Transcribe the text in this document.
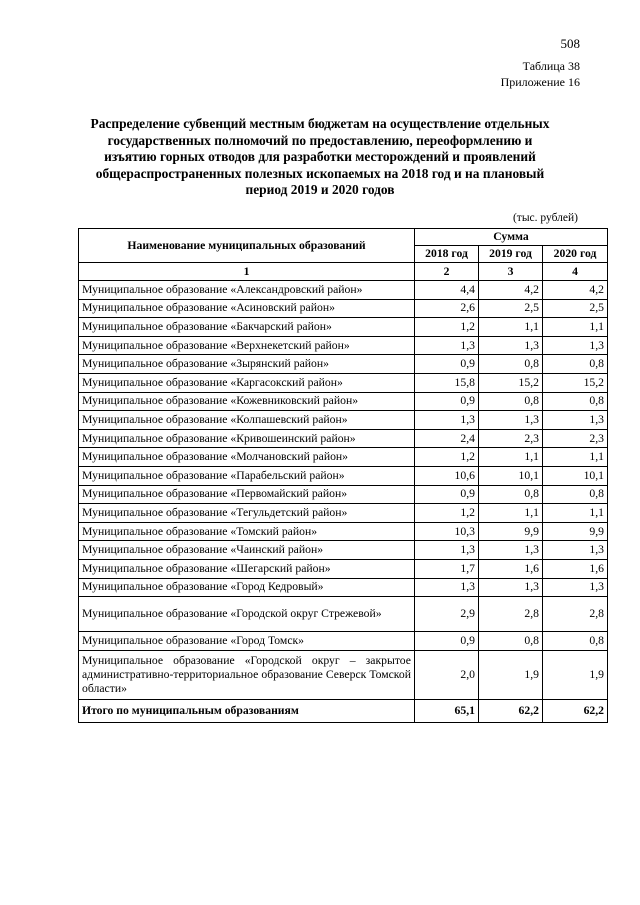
508
Таблица 38
Приложение 16
Распределение субвенций местным бюджетам на осуществление отдельных
государственных полномочий по предоставлению, переоформлению и
изъятию горных отводов для разработки месторождений и проявлений
общераспространенных полезных ископаемых на 2018 год и на плановый
период 2019 и 2020 годов
(тыс. рублей)
Наименование муниципальных образований	Сумма		
	2018 год	2019 год	2020 год
1	2	3	4
Муниципальное образование «Александровский район»	4,4	4,2	4,2
Муниципальное образование «Асиновский район»	2,6	2,5	2,5
Муниципальное образование «Бакчарский район»	1,2	1,1	1,1
Муниципальное образование «Верхнекетский район»	1,3	1,3	1,3
Муниципальное образование «Зырянский район»	0,9	0,8	0,8
Муниципальное образование «Каргасокский район»	15,8	15,2	15,2
Муниципальное образование «Кожевниковский район»	0,9	0,8	0,8
Муниципальное образование «Колпашевский район»	1,3	1,3	1,3
Муниципальное образование «Кривошеинский район»	2,4	2,3	2,3
Муниципальное образование «Молчановский район»	1,2	1,1	1,1
Муниципальное образование «Парабельский район»	10,6	10,1	10,1
Муниципальное образование «Первомайский район»	0,9	0,8	0,8
Муниципальное образование «Тегульдетский район»	1,2	1,1	1,1
Муниципальное образование «Томский район»	10,3	9,9	9,9
Муниципальное образование «Чаинский район»	1,3	1,3	1,3
Муниципальное образование «Шегарский район»	1,7	1,6	1,6
Муниципальное образование «Город Кедровый»	1,3	1,3	1,3
Муниципальное образование «Городской округ Стрежевой»	2,9	2,8	2,8
Муниципальное образование «Город Томск»	0,9	0,8	0,8
Муниципальное образование «Городской округ – закрытое административно-территориальное образование Северск Томской области»	2,0	1,9	1,9
Итого по муниципальным образованиям	65,1	62,2	62,2
